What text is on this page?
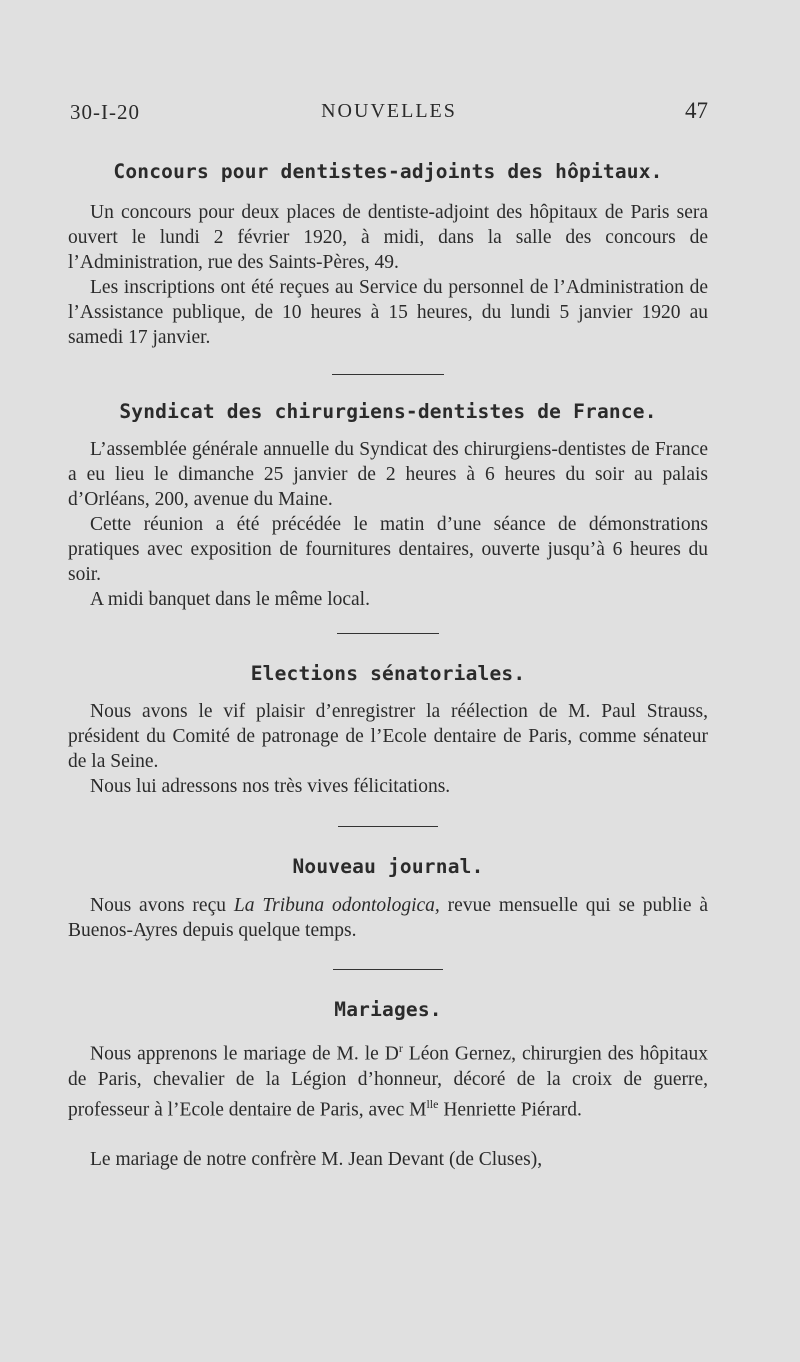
30-I-20	NOUVELLES	47
Concours pour dentistes-adjoints des hôpitaux.
Un concours pour deux places de dentiste-adjoint des hôpitaux de Paris sera ouvert le lundi 2 février 1920, à midi, dans la salle des concours de l’Administration, rue des Saints-Pères, 49.
Les inscriptions ont été reçues au Service du personnel de l’Administration de l’Assistance publique, de 10 heures à 15 heures, du lundi 5 janvier 1920 au samedi 17 janvier.
Syndicat des chirurgiens-dentistes de France.
L’assemblée générale annuelle du Syndicat des chirurgiens-dentistes de France a eu lieu le dimanche 25 janvier de 2 heures à 6 heures du soir au palais d’Orléans, 200, avenue du Maine.
Cette réunion a été précédée le matin d’une séance de démonstrations pratiques avec exposition de fournitures dentaires, ouverte jusqu’à 6 heures du soir.
A midi banquet dans le même local.
Elections sénatoriales.
Nous avons le vif plaisir d’enregistrer la réélection de M. Paul Strauss, président du Comité de patronage de l’Ecole dentaire de Paris, comme sénateur de la Seine.
Nous lui adressons nos très vives félicitations.
Nouveau journal.
Nous avons reçu La Tribuna odontologica, revue mensuelle qui se publie à Buenos-Ayres depuis quelque temps.
Mariages.
Nous apprenons le mariage de M. le $D^r$ Léon Gernez, chirurgien des hôpitaux de Paris, chevalier de la Légion d’honneur, décoré de la croix de guerre, professeur à l’Ecole dentaire de Paris, avec $M^{lle}$ Henriette Piérard.
Le mariage de notre confrère M. Jean Devant (de Cluses),
